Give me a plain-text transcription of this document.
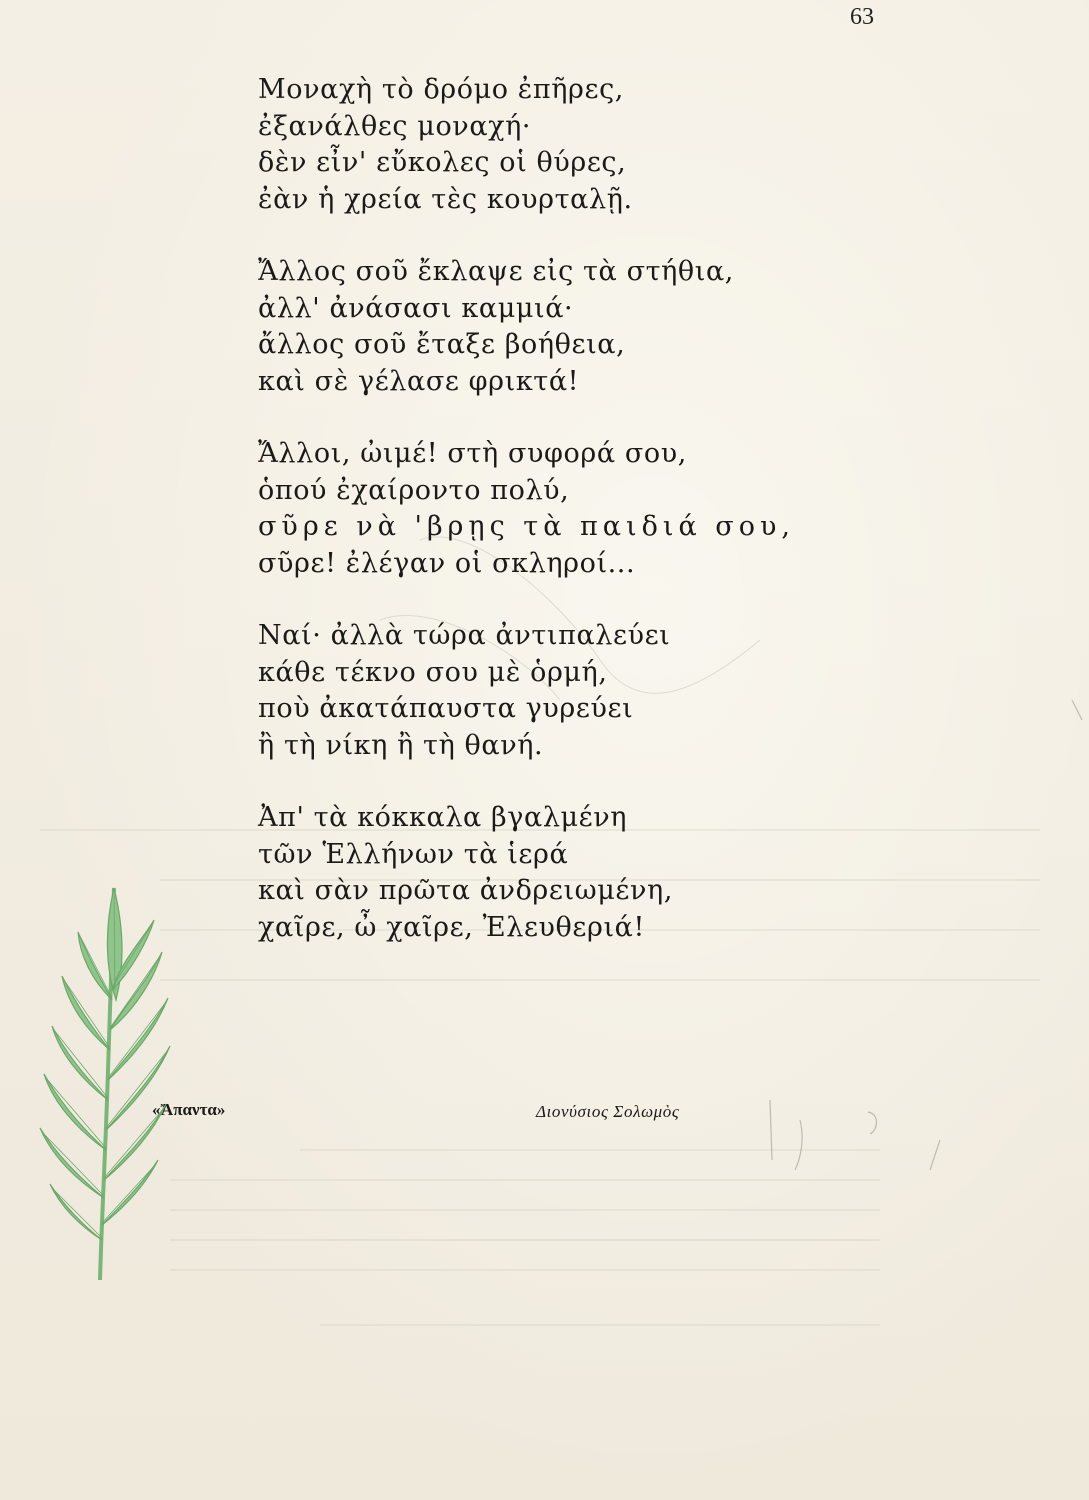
63
Μοναχὴ τὸ δρόμο ἐπῆρες,
ἐξανάλθες μοναχή·
δὲν εἶν' εὔκολες οἱ θύρες,
ἐὰν ἡ χρεία τὲς κουρταλῇ.
Ἄλλος σοῦ ἔκλαψε εἰς τὰ στήθια,
ἀλλ' ἀνάσασι καμμιά·
ἄλλος σοῦ ἔταξε βοήθεια,
καὶ σὲ γέλασε φρικτά!
Ἄλλοι, ὠιμέ! στὴ συφορά σου,
ὁπού ἐχαίροντο πολύ,
σῦρε νὰ 'βρῃς τὰ παιδιά σου,
σῦρε! ἐλέγαν οἱ σκληροί...
Ναί· ἀλλὰ τώρα ἀντιπαλεύει
κάθε τέκνο σου μὲ ὁρμή,
ποὺ ἀκατάπαυστα γυρεύει
ἢ τὴ νίκη ἢ τὴ θανή.
Ἀπ' τὰ κόκκαλα βγαλμένη
τῶν Ἑλλήνων τὰ ἱερά
καὶ σὰν πρῶτα ἀνδρειωμένη,
χαῖρε, ὦ χαῖρε, Ἐλευθεριά!
«Ἄπαντα»	Διονύσιος Σολωμὸς
